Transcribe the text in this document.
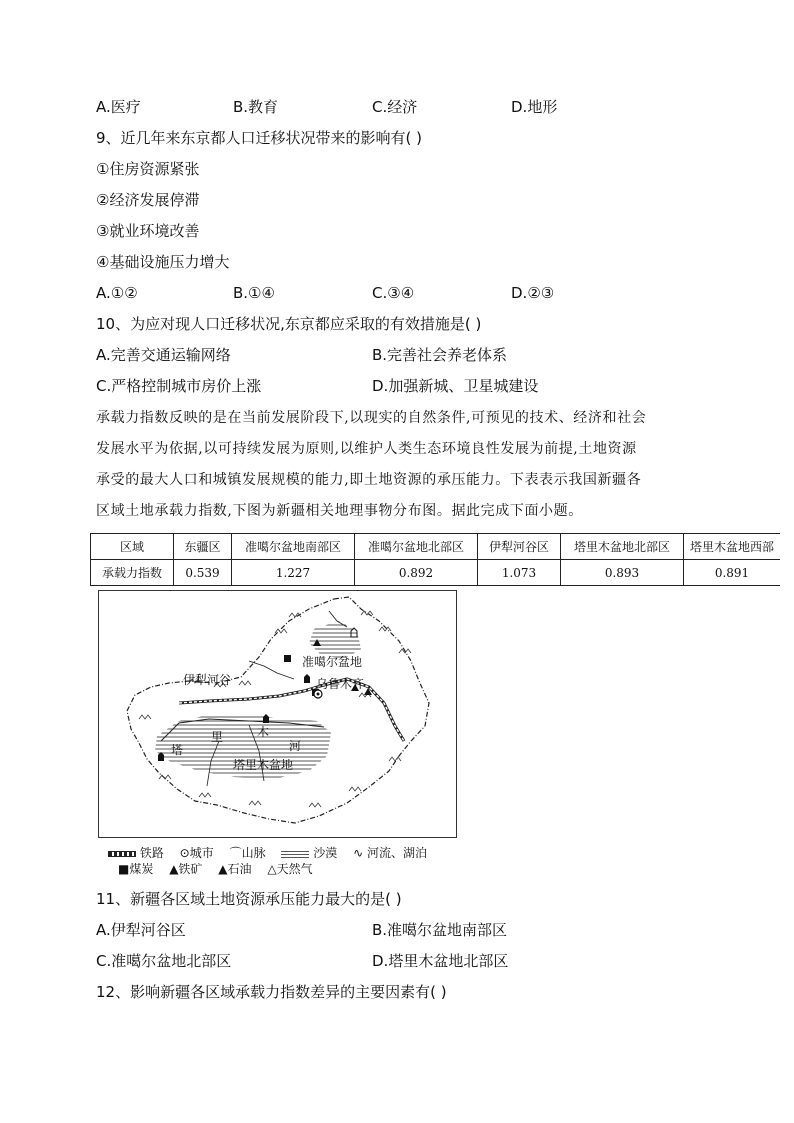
A.医疗	B.教育	C.经济	D.地形
9、近几年来东京都人口迁移状况带来的影响有( )
①住房资源紧张
②经济发展停滞
③就业环境改善
④基础设施压力增大
A.①②	B.①④	C.③④	D.②③
10、为应对现人口迁移状况,东京都应采取的有效措施是( )
A.完善交通运输网络	B.完善社会养老体系
C.严格控制城市房价上涨	D.加强新城、卫星城建设
承载力指数反映的是在当前发展阶段下,以现实的自然条件,可预见的技术、经济和社会
发展水平为依据,以可持续发展为原则,以维护人类生态环境良性发展为前提,土地资源
承受的最大人口和城镇发展规模的能力,即土地资源的承压能力。下表表示我国新疆各
区域土地承载力指数,下图为新疆相关地理事物分布图。据此完成下面小题。
区域	东疆区	准噶尔盆地南部区	准噶尔盆地北部区	伊犁河谷区	塔里木盆地北部区	塔里木盆地西部
承载力指数	0.539	1.227	0.892	1.073	0.893	0.891
准噶尔盆地
伊犁河谷	乌鲁木齐
塔
里	木
河
塔里木盆地
铁路 ⊙城市 ⌒山脉	沙漠 ∿ 河流、湖泊
■煤炭 ▲铁矿 ▲石油 △天然气
11、新疆各区域土地资源承压能力最大的是( )
A.伊犁河谷区	B.准噶尔盆地南部区
C.准噶尔盆地北部区	D.塔里木盆地北部区
12、影响新疆各区域承载力指数差异的主要因素有( )
